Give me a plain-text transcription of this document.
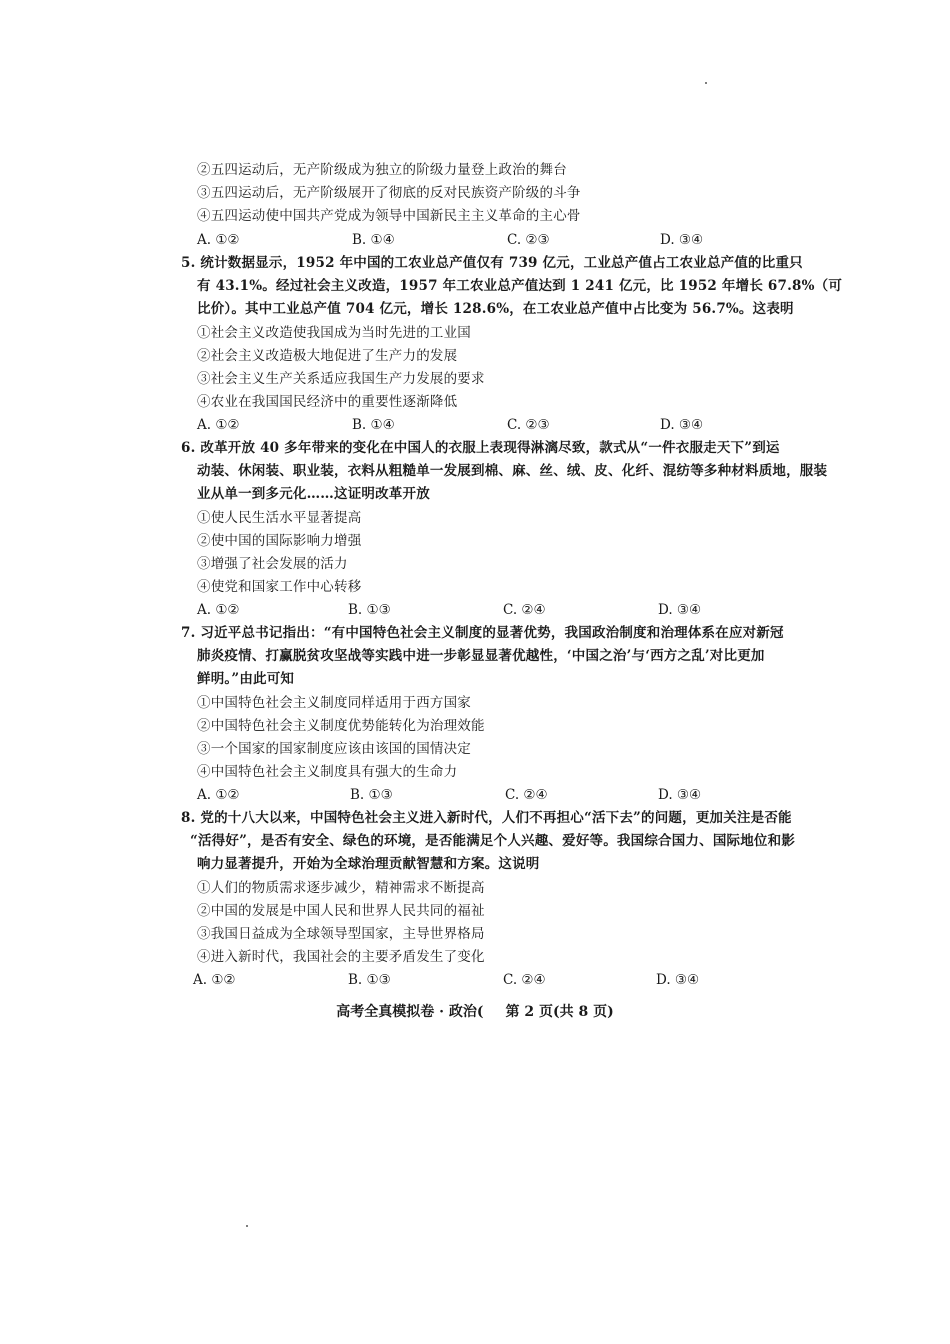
②五四运动后，无产阶级成为独立的阶级力量登上政治的舞台
③五四运动后，无产阶级展开了彻底的反对民族资产阶级的斗争
④五四运动使中国共产党成为领导中国新民主主义革命的主心骨
A. ①②	B. ①④	C. ②③	D. ③④
5. 统计数据显示，1952 年中国的工农业总产值仅有 739 亿元，工业总产值占工农业总产值的比重只
有 43.1%。经过社会主义改造，1957 年工农业总产值达到 1 241 亿元，比 1952 年增长 67.8%（可
比价）。其中工业总产值 704 亿元，增长 128.6%，在工农业总产值中占比变为 56.7%。这表明
①社会主义改造使我国成为当时先进的工业国
②社会主义改造极大地促进了生产力的发展
③社会主义生产关系适应我国生产力发展的要求
④农业在我国国民经济中的重要性逐渐降低
A. ①②	B. ①④	C. ②③	D. ③④
6. 改革开放 40 多年带来的变化在中国人的衣服上表现得淋漓尽致，款式从“一件衣服走天下”到运
动装、休闲装、职业装，衣料从粗糙单一发展到棉、麻、丝、绒、皮、化纤、混纺等多种材料质地，服装
业从单一到多元化……这证明改革开放
①使人民生活水平显著提高
②使中国的国际影响力增强
③增强了社会发展的活力
④使党和国家工作中心转移
A. ①②	B. ①③	C. ②④	D. ③④
7. 习近平总书记指出：“有中国特色社会主义制度的显著优势，我国政治制度和治理体系在应对新冠
肺炎疫情、打赢脱贫攻坚战等实践中进一步彰显显著优越性，‘中国之治’与‘西方之乱’对比更加
鲜明。”由此可知
①中国特色社会主义制度同样适用于西方国家
②中国特色社会主义制度优势能转化为治理效能
③一个国家的国家制度应该由该国的国情决定
④中国特色社会主义制度具有强大的生命力
A. ①②	B. ①③	C. ②④	D. ③④
8. 党的十八大以来，中国特色社会主义进入新时代，人们不再担心“活下去”的问题，更加关注是否能
“活得好”，是否有安全、绿色的环境，是否能满足个人兴趣、爱好等。我国综合国力、国际地位和影
响力显著提升，开始为全球治理贡献智慧和方案。这说明
①人们的物质需求逐步减少，精神需求不断提高
②中国的发展是中国人民和世界人民共同的福祉
③我国日益成为全球领导型国家，主导世界格局
④进入新时代，我国社会的主要矛盾发生了变化
A. ①②	B. ①③	C. ②④	D. ③④
高考全真模拟卷 · 政治( 第 2 页(共 8 页)
